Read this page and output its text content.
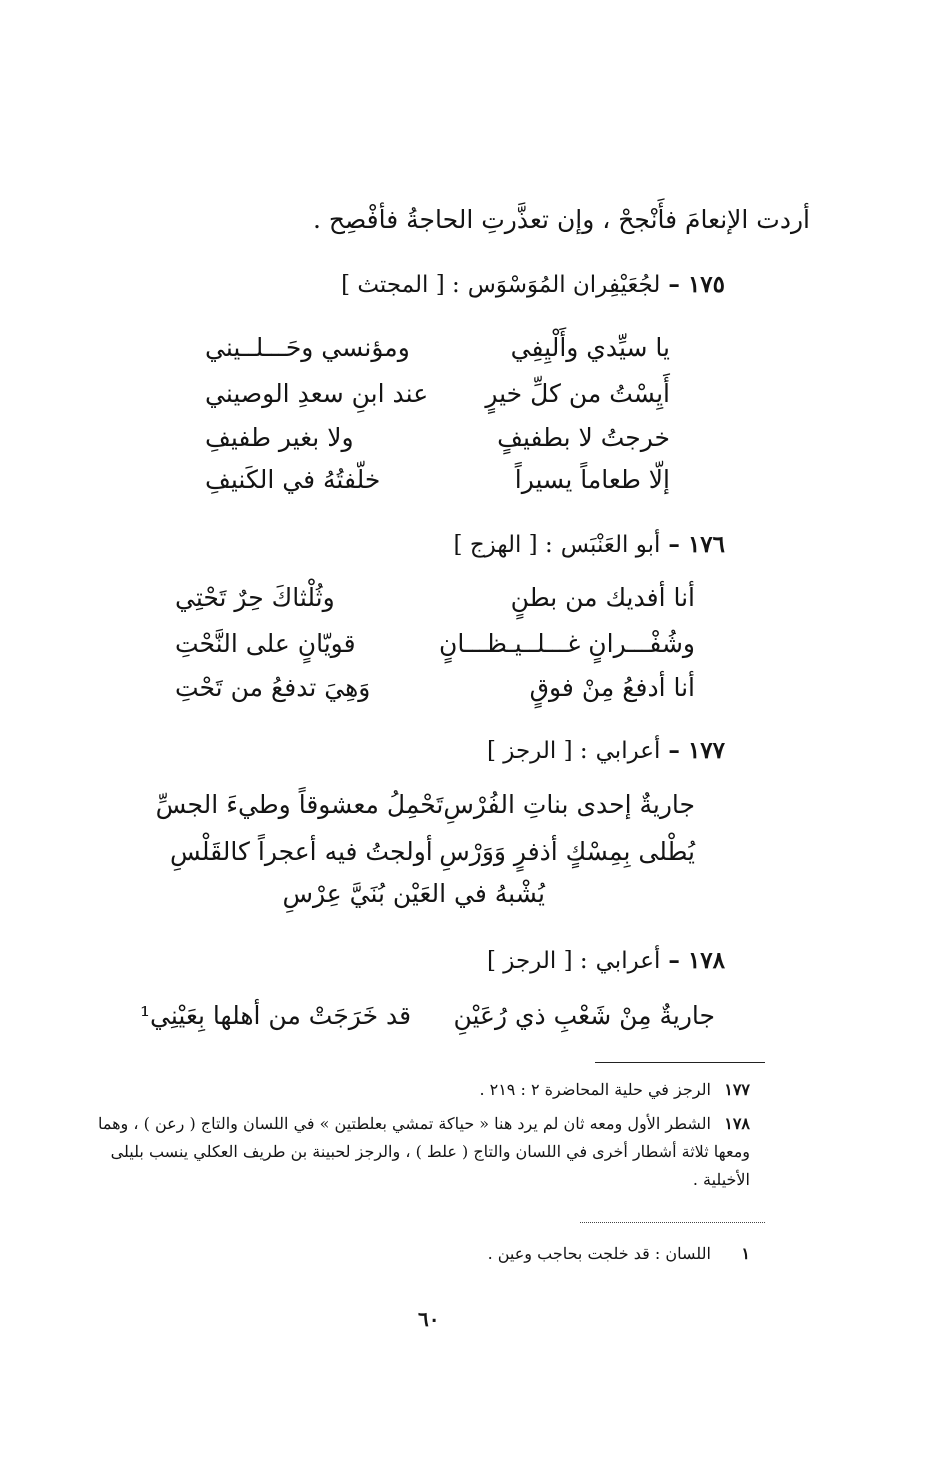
أردت الإنعامَ فأَنْجحْ ، وإن تعذَّرتِ الحاجةُ فأفْصِح .
١٧٥ – لجُعَيْفِران المُوَسْوَس : [ المجتث ]
يا سيِّدي وأَلْيِفِي
ومؤنسي وحَـــلــيني
أَيِسْتُ من كلِّ خيرٍ
عند ابنِ سعدِ الوصيني
خرجتُ لا بطفيفٍ
ولا بغير طفيفِ
إلّا طعاماً يسيراً
خلّفتُهُ في الكَنيفِ
١٧٦ – أبو العَنْبَس : [ الهزج ]
أنا أفديك من بطنٍ
وثُلْثاكَ حِرٌ تَحْتِي
وشُفْـــرانٍ غـــلــيـظـــانٍ
قويّانٍ على النَّحْتِ
أنا أدفعُ مِنْ فوقٍ
وَهِيَ تدفعُ من تَحْتِ
١٧٧ – أعرابي : [ الرجز ]
جاريةٌ إحدى بناتِ الفُرْسِ
تَحْمِلُ معشوقاً وطيءَ الجسِّ
يُطْلى بِمِسْكٍ أذفرٍ وَوَرْسِ
أولجتُ فيه أعجراً كالقَلْسِ
يُشْبهُ في العَيْن بُنَيَّ عِرْسِ
١٧٨ – أعرابي : [ الرجز ]
جاريةٌ مِنْ شَعْبِ ذي رُعَيْنِ
قد خَرَجَتْ من أهلها بِعَيْنِي¹
١٧٧ الرجز في حلية المحاضرة ٢ : ٢١٩ .
١٧٨ الشطر الأول ومعه ثان لم يرد هنا « حياكة تمشي بعلطتين » في اللسان والتاج ( رعن ) ، وهما ومعها ثلاثة أشطار أخرى في اللسان والتاج ( علط ) ، والرجز لحبينة بن طريف العكلي ينسب بليلى الأخيلية .
١ اللسان : قد خلجت بحاجب وعين .
٦٠
